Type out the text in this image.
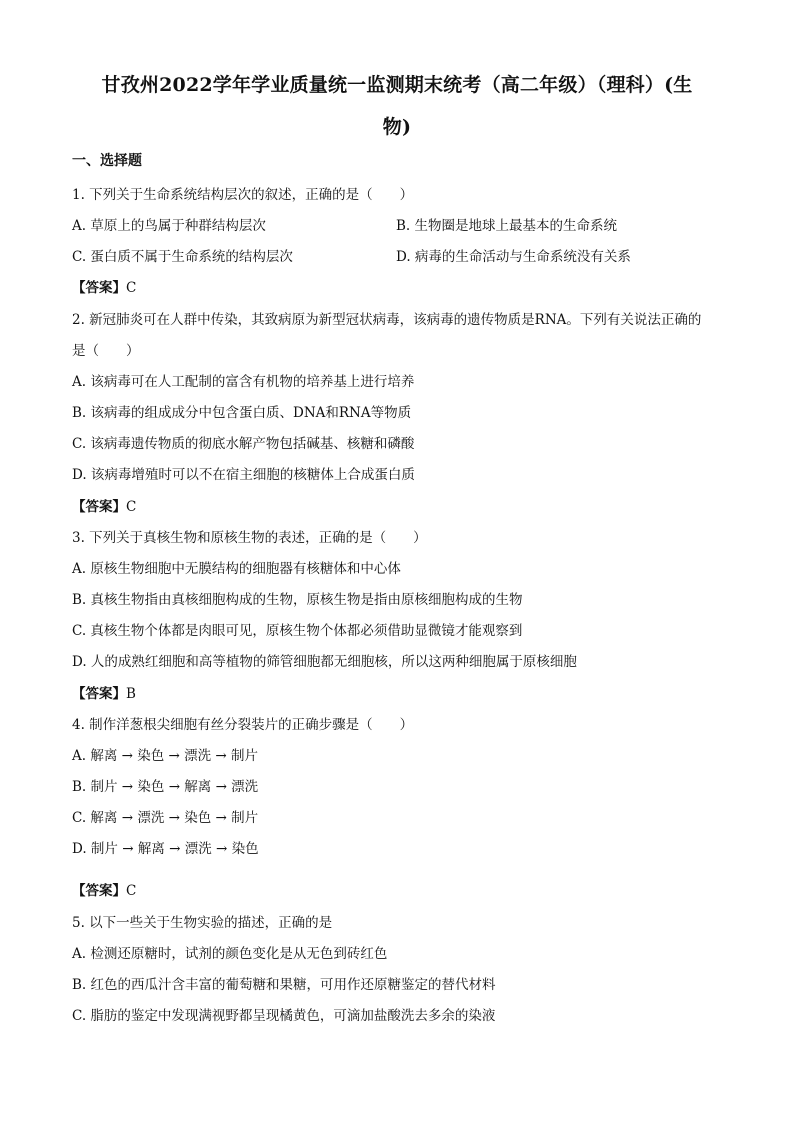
甘孜州2022学年学业质量统一监测期末统考（高二年级）（理科）(生
物)
一、选择题
1. 下列关于生命系统结构层次的叙述，正确的是（　　）
A. 草原上的鸟属于种群结构层次	B. 生物圈是地球上最基本的生命系统
C. 蛋白质不属于生命系统的结构层次	D. 病毒的生命活动与生命系统没有关系
【答案】C
2. 新冠肺炎可在人群中传染，其致病原为新型冠状病毒，该病毒的遗传物质是RNA。下列有关说法正确的
是（　　）
A. 该病毒可在人工配制的富含有机物的培养基上进行培养
B. 该病毒的组成成分中包含蛋白质、DNA和RNA等物质
C. 该病毒遗传物质的彻底水解产物包括碱基、核糖和磷酸
D. 该病毒增殖时可以不在宿主细胞的核糖体上合成蛋白质
【答案】C
3. 下列关于真核生物和原核生物的表述，正确的是（　　）
A. 原核生物细胞中无膜结构的细胞器有核糖体和中心体
B. 真核生物指由真核细胞构成的生物，原核生物是指由原核细胞构成的生物
C. 真核生物个体都是肉眼可见，原核生物个体都必须借助显微镜才能观察到
D. 人的成熟红细胞和高等植物的筛管细胞都无细胞核，所以这两种细胞属于原核细胞
【答案】B
4. 制作洋葱根尖细胞有丝分裂装片的正确步骤是（　　）
A. 解离 → 染色 → 漂洗 → 制片
B. 制片 → 染色 → 解离 → 漂洗
C. 解离 → 漂洗 → 染色 → 制片
D. 制片 → 解离 → 漂洗 → 染色
【答案】C
5. 以下一些关于生物实验的描述，正确的是
A. 检测还原糖时，试剂的颜色变化是从无色到砖红色
B. 红色的西瓜汁含丰富的葡萄糖和果糖，可用作还原糖鉴定的替代材料
C. 脂肪的鉴定中发现满视野都呈现橘黄色，可滴加盐酸洗去多余的染液
